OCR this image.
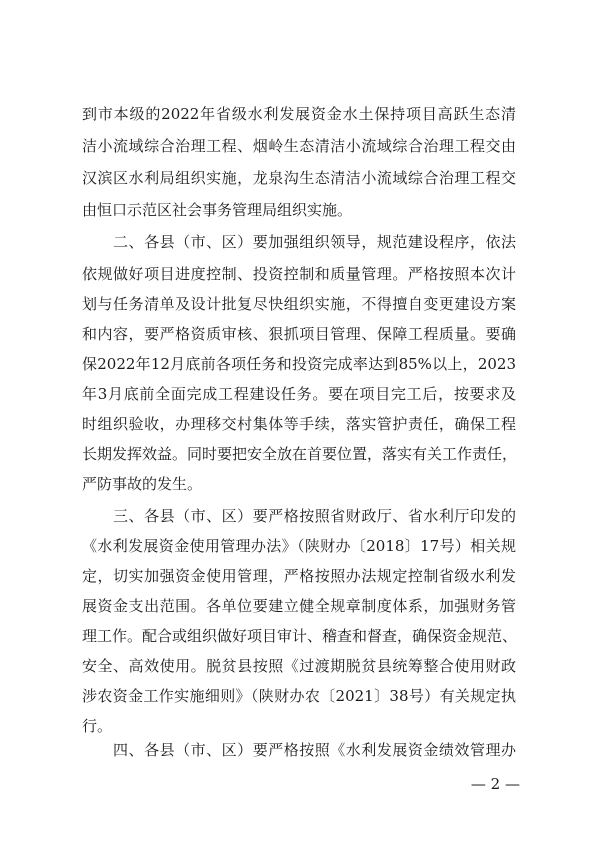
到市本级的2022年省级水利发展资金水土保持项目高跃生态清
洁小流域综合治理工程、烟岭生态清洁小流域综合治理工程交由
汉滨区水利局组织实施，龙泉沟生态清洁小流域综合治理工程交
由恒口示范区社会事务管理局组织实施。
　　二、各县（市、区）要加强组织领导，规范建设程序，依法
依规做好项目进度控制、投资控制和质量管理。严格按照本次计
划与任务清单及设计批复尽快组织实施，不得擅自变更建设方案
和内容，要严格资质审核、狠抓项目管理、保障工程质量。要确
保2022年12月底前各项任务和投资完成率达到85%以上，2023
年3月底前全面完成工程建设任务。要在项目完工后，按要求及
时组织验收，办理移交村集体等手续，落实管护责任，确保工程
长期发挥效益。同时要把安全放在首要位置，落实有关工作责任，
严防事故的发生。
　　三、各县（市、区）要严格按照省财政厅、省水利厅印发的
《水利发展资金使用管理办法》（陕财办〔2018〕17号）相关规
定，切实加强资金使用管理，严格按照办法规定控制省级水利发
展资金支出范围。各单位要建立健全规章制度体系，加强财务管
理工作。配合或组织做好项目审计、稽查和督查，确保资金规范、
安全、高效使用。脱贫县按照《过渡期脱贫县统筹整合使用财政
涉农资金工作实施细则》（陕财办农〔2021〕38号）有关规定执
行。
　　四、各县（市、区）要严格按照《水利发展资金绩效管理办
— 2 —
